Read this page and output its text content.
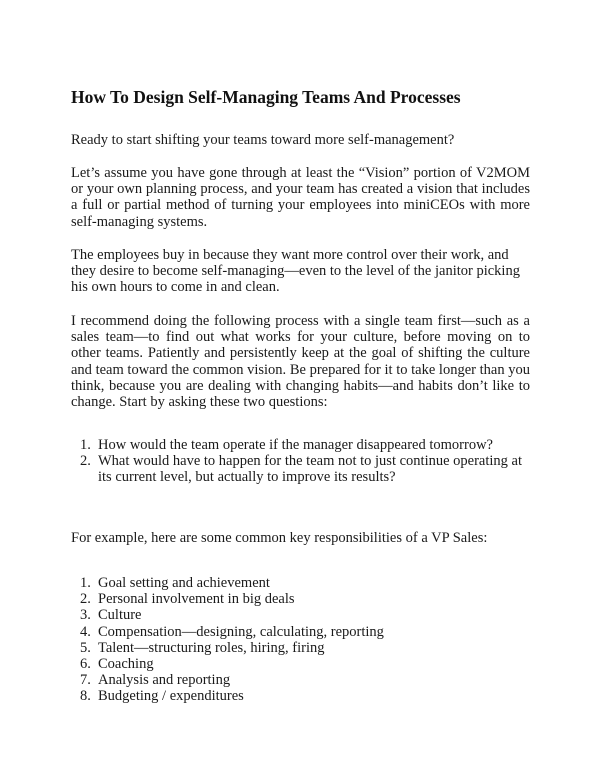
How To Design Self-Managing Teams And Processes

Ready to start shifting your teams toward more self-management?

Let’s assume you have gone through at least the “Vision” portion of V2MOM or your own planning process, and your team has created a vision that includes a full or partial method of turning your employees into miniCEOs with more self-managing systems.

The employees buy in because they want more control over their work, and they desire to become self-managing—even to the level of the janitor picking his own hours to come in and clean.

I recommend doing the following process with a single team first—such as a sales team—to find out what works for your culture, before moving on to other teams. Patiently and persistently keep at the goal of shifting the culture and team toward the common vision. Be prepared for it to take longer than you think, because you are dealing with changing habits—and habits don’t like to change. Start by asking these two questions:

1. How would the team operate if the manager disappeared tomorrow?
2. What would have to happen for the team not to just continue operating at its current level, but actually to improve its results?

For example, here are some common key responsibilities of a VP Sales:

1. Goal setting and achievement
2. Personal involvement in big deals
3. Culture
4. Compensation—designing, calculating, reporting
5. Talent—structuring roles, hiring, firing
6. Coaching
7. Analysis and reporting
8. Budgeting / expenditures
